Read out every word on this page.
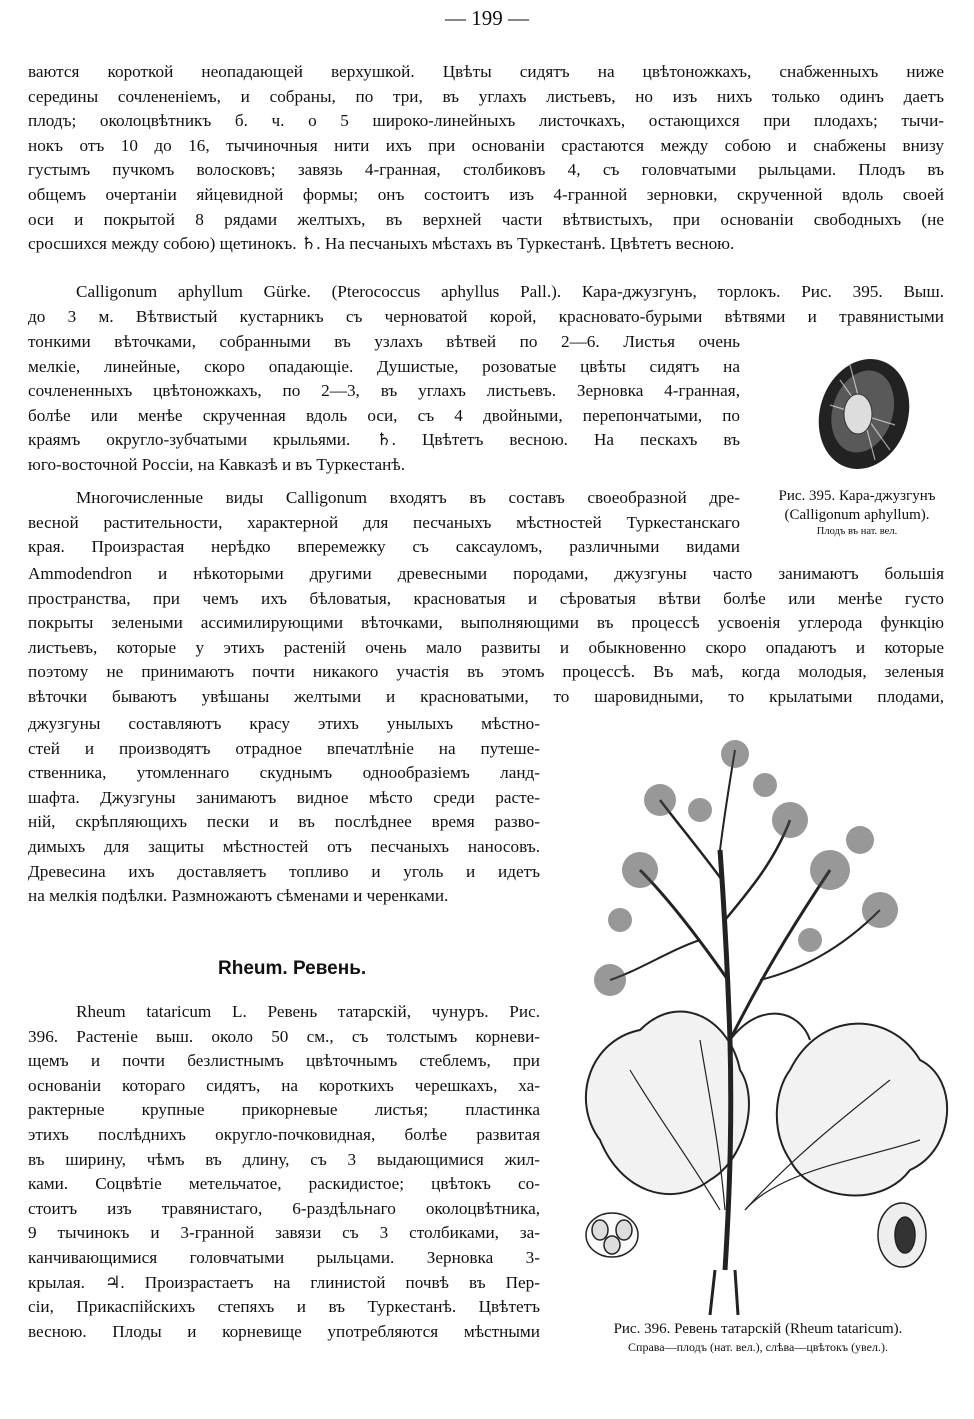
— 199 —
ваются короткой неопадающей верхушкой. Цвѣты сидятъ на цвѣтоножкахъ, снабженныхъ ниже
середины сочлененiемъ, и собраны, по три, въ углахъ листьевъ, но изъ нихъ только одинъ даетъ
плодъ; околоцвѣтникъ б. ч. о 5 широко-линейныхъ листочкахъ, остающихся при плодахъ; тычи-
нокъ отъ 10 до 16, тычиночныя нити ихъ при основанiи срастаются между собою и снабжены внизу
густымъ пучкомъ волосковъ; завязь 4-гранная, столбиковъ 4, съ головчатыми рыльцами. Плодъ въ
общемъ очертанiи яйцевидной формы; онъ состоитъ изъ 4-гранной зерновки, скрученной вдоль своей
оси и покрытой 8 рядами желтыхъ, въ верхней части вѣтвистыхъ, при основанiи свободныхъ (не
сросшихся между собою) щетинокъ. ♄. На песчаныхъ мѣстахъ въ Туркестанѣ. Цвѣтетъ весною.
Calligonum aphyllum Gürke. (Pterococcus aphyllus Pall.). Кара-джузгунъ, торлокъ. Рис. 395. Выш.
до 3 м. Вѣтвистый кустарникъ съ черноватой корой, красновато-бурыми вѣтвями и травянистыми
тонкими вѣточками, собранными въ узлахъ вѣтвей по 2—6. Листья очень
мелкiе, линейные, скоро опадающiе. Душистые, розоватые цвѣты сидятъ на
сочлененныхъ цвѣтоножкахъ, по 2—3, въ углахъ листьевъ. Зерновка 4-гранная,
болѣе или менѣе скрученная вдоль оси, съ 4 двойными, перепончатыми, по
краямъ округло-зубчатыми крыльями. ♄. Цвѣтетъ весною. На пескахъ въ
юго-восточной Россiи, на Кавказѣ и въ Туркестанѣ.
Рис. 395. Кара-джузгунъ
(Calligonum aphyllum).
Плодъ въ нат. вел.
Многочисленные виды Calligonum входятъ въ составъ своеобразной дре-
весной растительности, характерной для песчаныхъ мѣстностей Туркестанскаго
края. Произрастая нерѣдко вперемежку съ саксауломъ, различными видами
Ammodendron и нѣкоторыми другими древесными породами, джузгуны часто занимаютъ большiя
пространства, при чемъ ихъ бѣловатыя, красноватыя и сѣроватыя вѣтви болѣе или менѣе густо
покрыты зелеными ассимилирующими вѣточками, выполняющими въ процессѣ усвоенiя углерода функцiю
листьевъ, которые у этихъ растенiй очень мало развиты и обыкновенно скоро опадаютъ и которые
поэтому не принимаютъ почти никакого участiя въ этомъ процессѣ. Въ маѣ, когда молодыя, зеленыя
вѣточки бываютъ увѣшаны желтыми и красноватыми, то шаровидными, то крылатыми плодами,
джузгуны составляютъ красу этихъ унылыхъ мѣстно-
стей и производятъ отрадное впечатлѣнiе на путеше-
ственника, утомленнаго скуднымъ однообразiемъ ланд-
шафта. Джузгуны занимаютъ видное мѣсто среди расте-
нiй, скрѣпляющихъ пески и въ послѣднее время разво-
димыхъ для защиты мѣстностей отъ песчаныхъ наносовъ.
Древесина ихъ доставляетъ топливо и уголь и идетъ
на мелкiя подѣлки. Размножаютъ сѣменами и черенками.
Rheum. Ревень.
Rheum tataricum L. Ревень татарскiй, чунуръ. Рис.
396. Растенiе выш. около 50 см., съ толстымъ корневи-
щемъ и почти безлистнымъ цвѣточнымъ стеблемъ, при
основанiи котораго сидятъ, на короткихъ черешкахъ, ха-
рактерные крупные прикорневые листья; пластинка
этихъ послѣднихъ округло-почковидная, болѣе развитая
въ ширину, чѣмъ въ длину, съ 3 выдающимися жил-
ками. Соцвѣтiе метельчатое, раскидистое; цвѣтокъ со-
стоитъ изъ травянистаго, 6-раздѣльнаго околоцвѣтника,
9 тычинокъ и 3-гранной завязи съ 3 столбиками, за-
канчивающимися головчатыми рыльцами. Зерновка 3-
крылая. ♃. Произрастаетъ на глинистой почвѣ въ Пер-
сiи, Прикаспiйскихъ степяхъ и въ Туркестанѣ. Цвѣтетъ
весною. Плоды и корневище употребляются мѣстными	Рис. 396. Ревень татарскiй (Rheum tataricum).
Справа—плодъ (нат. вел.), слѣва—цвѣтокъ (увел.).
